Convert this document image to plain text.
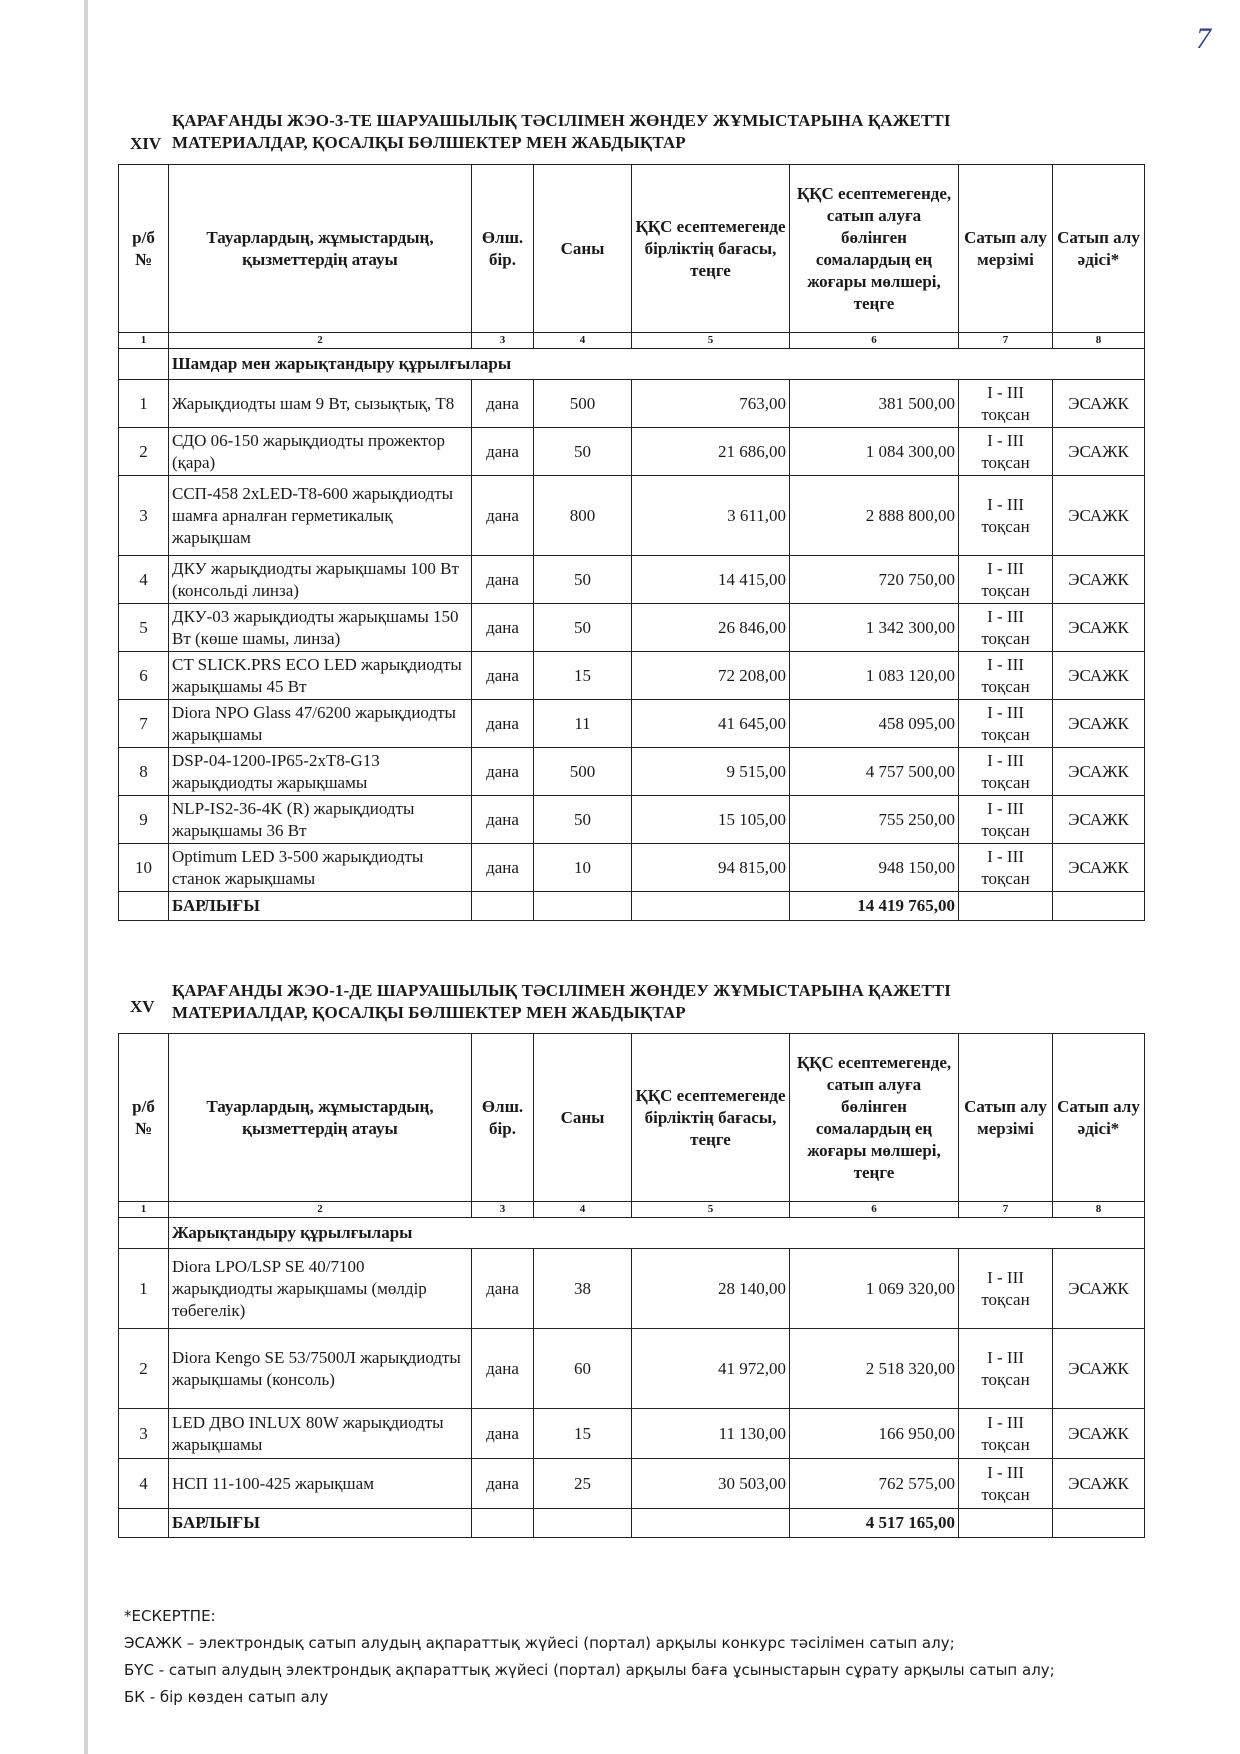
7
XIV
ҚАРАҒАНДЫ ЖЭО-3-ТЕ ШАРУАШЫЛЫҚ ТӘСІЛІМЕН ЖӨНДЕУ ЖҰМЫСТАРЫНА ҚАЖЕТТІ
МАТЕРИАЛДАР, ҚОСАЛҚЫ БӨЛШЕКТЕР МЕН ЖАБДЫҚТАР
р/б №	Тауарлардың, жұмыстардың, қызметтердің атауы	Өлш. бір.	Саны	ҚҚС есептемегенде бірліктің бағасы, теңге	ҚҚС есептемегенде, сатып алуға бөлінген сомалардың ең жоғары мөлшері, теңге	Сатып алу мерзімі	Сатып алу әдісі*
1	2	3	4	5	6	7	8
	Шамдар мен жарықтандыру құрылғылары						
1	Жарықдиодты шам 9 Вт, сызықтық, T8	дана	500	763,00	381 500,00	I - III тоқсан	ЭСАЖК
2	СДО 06-150 жарықдиодты прожектор (қара)	дана	50	21 686,00	1 084 300,00	I - III тоқсан	ЭСАЖК
3	ССП-458 2xLED-T8-600 жарықдиодты шамға арналған герметикалық жарықшам	дана	800	3 611,00	2 888 800,00	I - III тоқсан	ЭСАЖК
4	ДКУ жарықдиодты жарықшамы 100 Вт (консольді линза)	дана	50	14 415,00	720 750,00	I - III тоқсан	ЭСАЖК
5	ДКУ-03 жарықдиодты жарықшамы 150 Вт (көше шамы, линза)	дана	50	26 846,00	1 342 300,00	I - III тоқсан	ЭСАЖК
6	CT SLICK.PRS ECO LED жарықдиодты жарықшамы 45 Вт	дана	15	72 208,00	1 083 120,00	I - III тоқсан	ЭСАЖК
7	Diora NPO Glass 47/6200 жарықдиодты жарықшамы	дана	11	41 645,00	458 095,00	I - III тоқсан	ЭСАЖК
8	DSP-04-1200-IP65-2xT8-G13 жарықдиодты жарықшамы	дана	500	9 515,00	4 757 500,00	I - III тоқсан	ЭСАЖК
9	NLP-IS2-36-4K (R) жарықдиодты жарықшамы 36 Вт	дана	50	15 105,00	755 250,00	I - III тоқсан	ЭСАЖК
10	Optimum LED 3-500 жарықдиодты станок жарықшамы	дана	10	94 815,00	948 150,00	I - III тоқсан	ЭСАЖК
	БАРЛЫҒЫ				14 419 765,00		
XV
ҚАРАҒАНДЫ ЖЭО-1-ДЕ ШАРУАШЫЛЫҚ ТӘСІЛІМЕН ЖӨНДЕУ ЖҰМЫСТАРЫНА ҚАЖЕТТІ
МАТЕРИАЛДАР, ҚОСАЛҚЫ БӨЛШЕКТЕР МЕН ЖАБДЫҚТАР
р/б №	Тауарлардың, жұмыстардың, қызметтердің атауы	Өлш. бір.	Саны	ҚҚС есептемегенде бірліктің бағасы, теңге	ҚҚС есептемегенде, сатып алуға бөлінген сомалардың ең жоғары мөлшері, теңге	Сатып алу мерзімі	Сатып алу әдісі*
1	2	3	4	5	6	7	8
	Жарықтандыру құрылғылары						
1	Diora LPO/LSP SE 40/7100 жарықдиодты жарықшамы (мөлдір төбегелік)	дана	38	28 140,00	1 069 320,00	I - III тоқсан	ЭСАЖК
2	Diora Kengo SE 53/7500Л жарықдиодты жарықшамы (консоль)	дана	60	41 972,00	2 518 320,00	I - III тоқсан	ЭСАЖК
3	LED ДВО INLUX 80W жарықдиодты жарықшамы	дана	15	11 130,00	166 950,00	I - III тоқсан	ЭСАЖК
4	НСП 11-100-425 жарықшам	дана	25	30 503,00	762 575,00	I - III тоқсан	ЭСАЖК
	БАРЛЫҒЫ				4 517 165,00		
*ЕСКЕРТПЕ:
ЭСАЖК – электрондық сатып алудың ақпараттық жүйесі (портал) арқылы конкурс тәсілімен сатып алу;
БҮС - сатып алудың электрондық ақпараттық жүйесі (портал) арқылы баға ұсыныстарын сұрату арқылы сатып алу;
БК - бір көзден сатып алу
